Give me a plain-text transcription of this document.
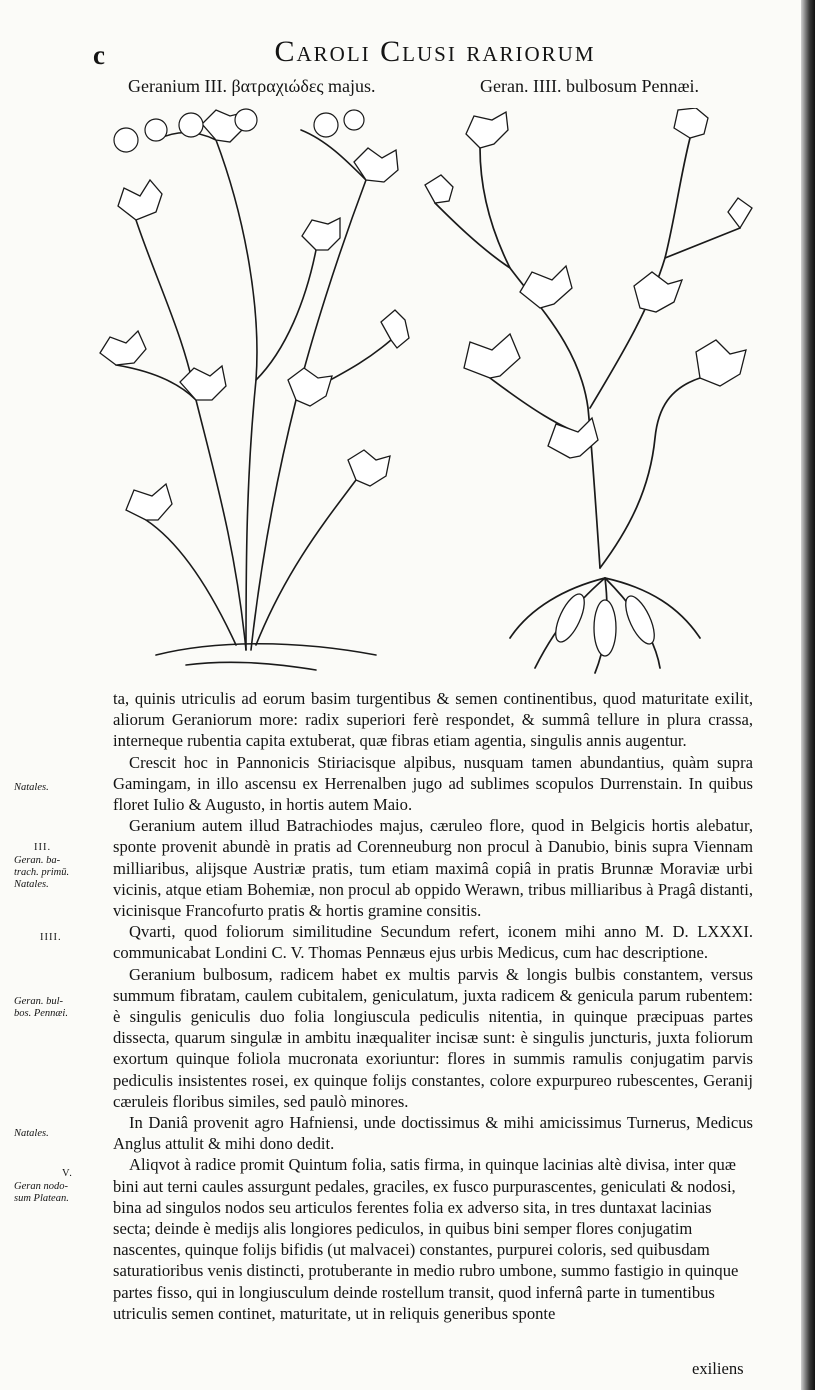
c	Caroli Clusi rariorum
Geranium III. βατραχιώδες majus.	Geran. IIII. bulbosum Pennæi.
Natales.
III.
Geran. ba-
trach. primū.
Natales.
IIII.
Geran. bul-
bos. Pennæi.
Natales.
V.
Geran nodo-
sum Platean.

ta, quinis utriculis ad eorum basim turgentibus & semen continentibus, quod maturitate exilit, aliorum Geraniorum more: radix superiori ferè respondet, & summâ tellure in plura crassa, interneque rubentia capita extuberat, quæ fibras etiam agentia, singulis annis augentur.

Crescit hoc in Pannonicis Stiriacisque alpibus, nusquam tamen abundantius, quàm supra Gamingam, in illo ascensu ex Herrenalben jugo ad sublimes scopulos Durrenstain. In quibus floret Iulio & Augusto, in hortis autem Maio.

Geranium autem illud Batrachiodes majus, cæruleo flore, quod in Belgicis hortis alebatur, sponte provenit abundè in pratis ad Corenneuburg non procul à Danubio, binis supra Viennam milliaribus, alijsque Austriæ pratis, tum etiam maximâ copiâ in pratis Brunnæ Moraviæ urbi vicinis, atque etiam Bohemiæ, non procul ab oppido Werawn, tribus milliaribus à Pragâ distanti, vicinisque Francofurto pratis & hortis gramine consitis.

Qvarti, quod foliorum similitudine Secundum refert, iconem mihi anno M. D. LXXXI. communicabat Londini C. V. Thomas Pennæus ejus urbis Medicus, cum hac descriptione.

Geranium bulbosum, radicem habet ex multis parvis & longis bulbis constantem, versus summum fibratam, caulem cubitalem, geniculatum, juxta radicem & genicula parum rubentem: è singulis geniculis duo folia longiuscula pediculis nitentia, in quinque præcipuas partes dissecta, quarum singulæ in ambitu inæqualiter incisæ sunt: è singulis juncturis, juxta foliorum exortum quinque foliola mucronata exoriuntur: flores in summis ramulis conjugatim parvis pediculis insistentes rosei, ex quinque folijs constantes, colore expurpureo rubescentes, Geranij cæruleis floribus similes, sed paulò minores.

In Daniâ provenit agro Hafniensi, unde doctissimus & mihi amicissimus Turnerus, Medicus Anglus attulit & mihi dono dedit.

Aliqvot à radice promit Quintum folia, satis firma, in quinque lacinias altè divisa, inter quæ bini aut terni caules assurgunt pedales, graciles, ex fusco purpurascentes, geniculati & nodosi, bina ad singulos nodos seu articulos ferentes folia ex adverso sita, in tres duntaxat lacinias secta; deinde è medijs alis longiores pediculos, in quibus bini semper flores conjugatim nascentes, quinque folijs bifidis (ut malvacei) constantes, purpurei coloris, sed quibusdam saturatioribus venis distincti, protuberante in medio rubro umbone, summo fastigio in quinque partes fisso, qui in longiusculum deinde rostellum transit, quod infernâ parte in tumentibus utriculis semen continet, maturitate, ut in reliquis generibus sponte

exiliens
